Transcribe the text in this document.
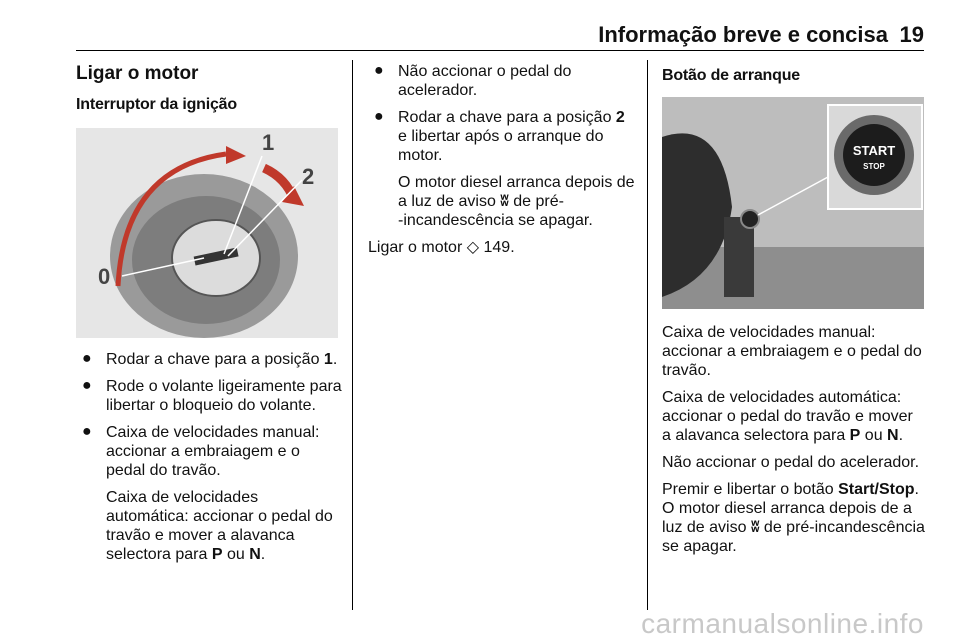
Informação breve e concisa 19
Ligar o motor
Interruptor da ignição
0
1
2
● Rodar a chave para a posição 1.
● Rode o volante ligeiramente para libertar o bloqueio do volante.
● Caixa de velocidades manual: accionar a embraiagem e o pedal do travão.
Caixa de velocidades automática: accionar o pedal do travão e mover a alavanca selectora para P ou N.
● Não accionar o pedal do acelerador.
● Rodar a chave para a posição 2 e libertar após o arranque do motor.
O motor diesel arranca depois de a luz de aviso ʬ de pré-
-incandescência se apagar.

Ligar o motor ◇ 149.

Botão de arranque
START
STOP

Caixa de velocidades manual: accionar a embraiagem e o pedal do travão.

Caixa de velocidades automática: accionar o pedal do travão e mover a alavanca selectora para P ou N.

Não accionar o pedal do acelerador.

Premir e libertar o botão Start/Stop. O motor diesel arranca depois de a luz de aviso ʬ de pré-incandescência se apagar.

carmanualsonline.info
